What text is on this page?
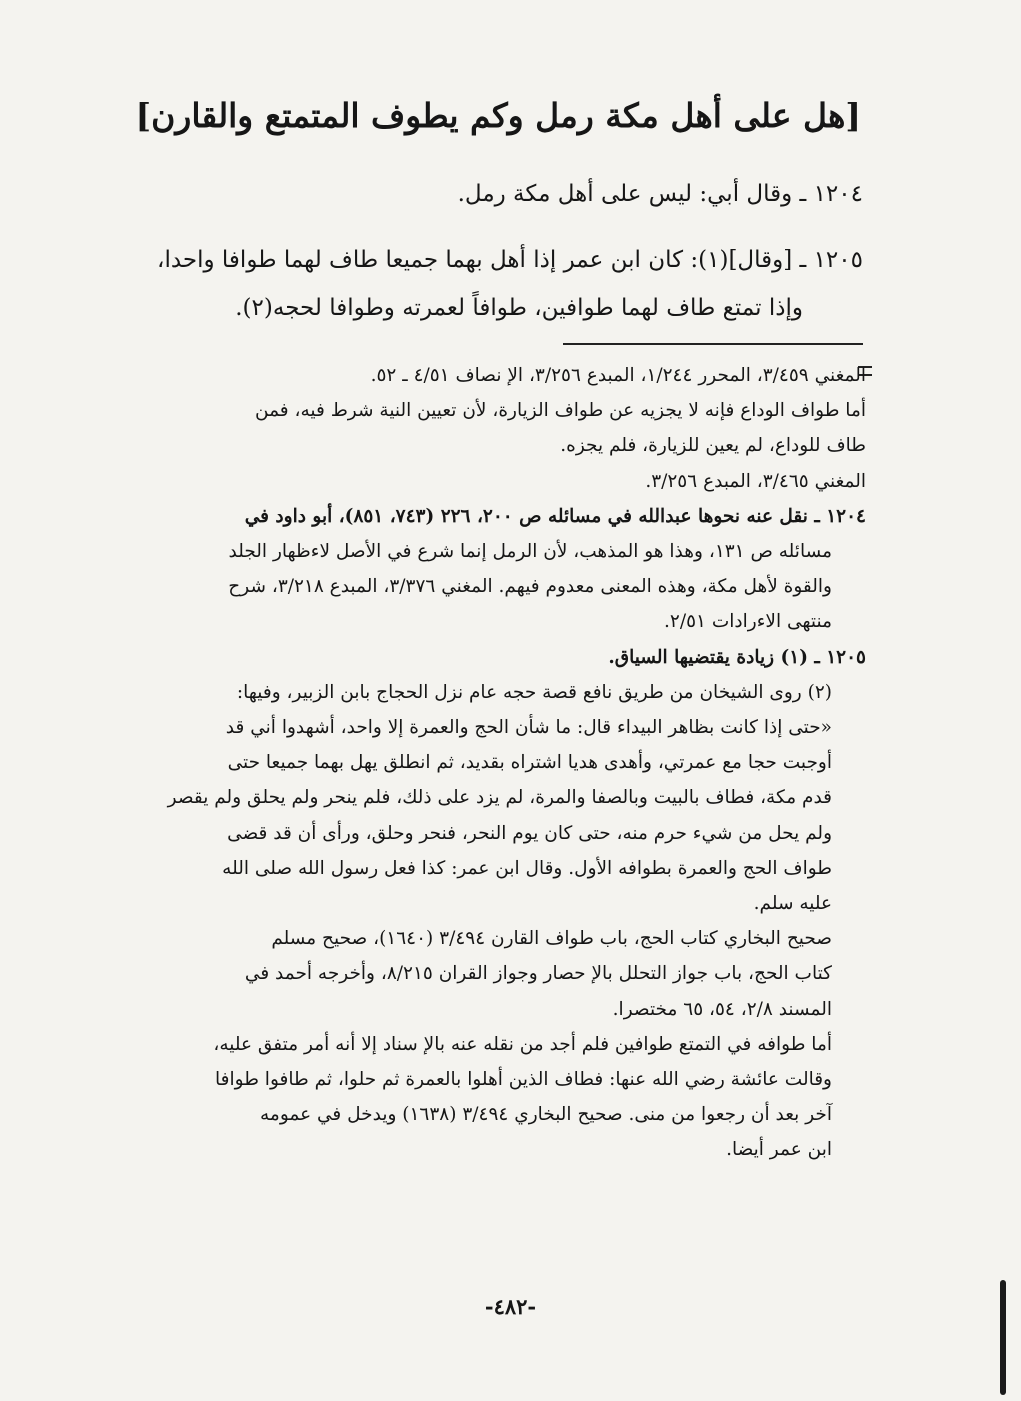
[هل على أهل مكة رمل وكم يطوف المتمتع والقارن]
١٢٠٤ ـ وقال أبي: ليس على أهل مكة رمل.
١٢٠٥ ـ [وقال](١): كان ابن عمر إذا أهل بهما جميعا طاف لهما طوافا واحدا،
وإذا تمتع طاف لهما طوافين، طوافاً لعمرته وطوافا لحجه(٢).
المغني ٣/٤٥٩، المحرر ١/٢٤٤، المبدع ٣/٢٥٦، الإ نصاف ٤/٥١ ـ ٥٢.
أما طواف الوداع فإنه لا يجزيه عن طواف الزيارة، لأن تعيين النية شرط فيه، فمن
طاف للوداع، لم يعين للزيارة، فلم يجزه.
المغني ٣/٤٦٥، المبدع ٣/٢٥٦.
١٢٠٤ ـ نقل عنه نحوها عبدالله في مسائله ص ٢٠٠، ٢٢٦ (٧٤٣، ٨٥١)، أبو داود في
مسائله ص ١٣١، وهذا هو المذهب، لأن الرمل إنما شرع في الأصل لاءظهار الجلد
والقوة لأهل مكة، وهذه المعنى معدوم فيهم. المغني ٣/٣٧٦، المبدع ٣/٢١٨، شرح
منتهى الاءرادات ٢/٥١.
١٢٠٥ ـ (١) زيادة يقتضيها السياق.
(٢) روى الشيخان من طريق نافع قصة حجه عام نزل الحجاج بابن الزبير، وفيها:
«حتى إذا كانت بظاهر البيداء قال: ما شأن الحج والعمرة إلا واحد، أشهدوا أني قد
أوجبت حجا مع عمرتي، وأهدى هديا اشتراه بقديد، ثم انطلق يهل بهما جميعا حتى
قدم مكة، فطاف بالبيت وبالصفا والمرة، لم يزد على ذلك، فلم ينحر ولم يحلق ولم يقصر
ولم يحل من شيء حرم منه، حتى كان يوم النحر، فنحر وحلق، ورأى أن قد قضى
طواف الحج والعمرة بطوافه الأول. وقال ابن عمر: كذا فعل رسول الله صلى الله
عليه سلم.
صحيح البخاري كتاب الحج، باب طواف القارن ٣/٤٩٤ (١٦٤٠)، صحيح مسلم
كتاب الحج، باب جواز التحلل بالإ حصار وجواز القران ٨/٢١٥، وأخرجه أحمد في
المسند ٢/٨، ٥٤، ٦٥ مختصرا.
أما طوافه في التمتع طوافين فلم أجد من نقله عنه بالإ سناد إلا أنه أمر متفق عليه،
وقالت عائشة رضي الله عنها: فطاف الذين أهلوا بالعمرة ثم حلوا، ثم طافوا طوافا
آخر بعد أن رجعوا من منى. صحيح البخاري ٣/٤٩٤ (١٦٣٨) ويدخل في عمومه
ابن عمر أيضا.
-٤٨٢-
